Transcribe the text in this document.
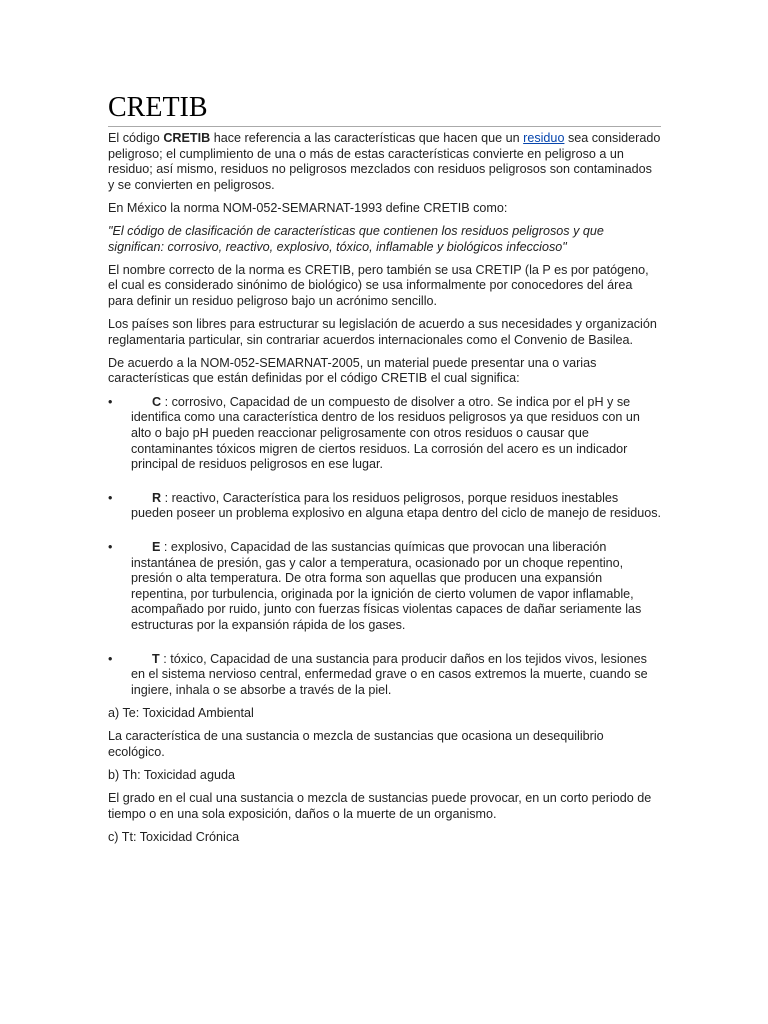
CRETIB

El código CRETIB hace referencia a las características que hacen que un residuo sea considerado peligroso; el cumplimiento de una o más de estas características convierte en peligroso a un residuo; así mismo, residuos no peligrosos mezclados con residuos peligrosos son contaminados y se convierten en peligrosos.

En México la norma NOM-052-SEMARNAT-1993 define CRETIB como:

"El código de clasificación de características que contienen los residuos peligrosos y que significan: corrosivo, reactivo, explosivo, tóxico, inflamable y biológicos infeccioso"

El nombre correcto de la norma es CRETIB, pero también se usa CRETIP (la P es por patógeno, el cual es considerado sinónimo de biológico) se usa informalmente por conocedores del área para definir un residuo peligroso bajo un acrónimo sencillo.

Los países son libres para estructurar su legislación de acuerdo a sus necesidades y organización reglamentaria particular, sin contrariar acuerdos internacionales como el Convenio de Basilea.

De acuerdo a la NOM-052-SEMARNAT-2005, un material puede presentar una o varias características que están definidas por el código CRETIB el cual significa:

•	C : corrosivo, Capacidad de un compuesto de disolver a otro. Se indica por el pH y se identifica como una característica dentro de los residuos peligrosos ya que residuos con un alto o bajo pH pueden reaccionar peligrosamente con otros residuos o causar que contaminantes tóxicos migren de ciertos residuos. La corrosión del acero es un indicador principal de residuos peligrosos en ese lugar.
•	R : reactivo, Característica para los residuos peligrosos, porque residuos inestables pueden poseer un problema explosivo en alguna etapa dentro del ciclo de manejo de residuos.
•	E : explosivo, Capacidad de las sustancias químicas que provocan una liberación instantánea de presión, gas y calor a temperatura, ocasionado por un choque repentino, presión o alta temperatura. De otra forma son aquellas que producen una expansión repentina, por turbulencia, originada por la ignición de cierto volumen de vapor inflamable, acompañado por ruido, junto con fuerzas físicas violentas capaces de dañar seriamente las estructuras por la expansión rápida de los gases.
•	T : tóxico, Capacidad de una sustancia para producir daños en los tejidos vivos, lesiones en el sistema nervioso central, enfermedad grave o en casos extremos la muerte, cuando se ingiere, inhala o se absorbe a través de la piel.

a) Te: Toxicidad Ambiental

La característica de una sustancia o mezcla de sustancias que ocasiona un desequilibrio ecológico.

b) Th: Toxicidad aguda

El grado en el cual una sustancia o mezcla de sustancias puede provocar, en un corto periodo de tiempo o en una sola exposición, daños o la muerte de un organismo.

c) Tt: Toxicidad Crónica
